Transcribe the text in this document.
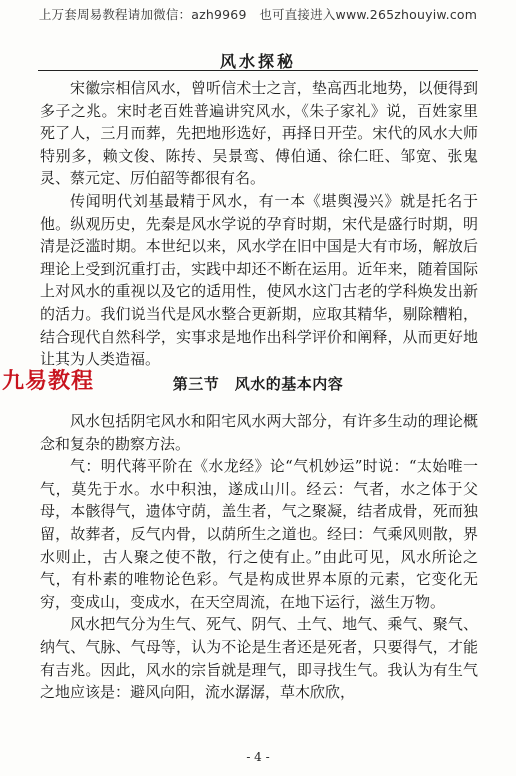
上万套周易教程请加微信：azh9969　也可直接进入www.265zhouyiw.com
风水探秘

宋徽宗相信风水，曾听信术士之言，垫高西北地势，以便得到多子之兆。宋时老百姓普遍讲究风水，《朱子家礼》说，百姓家里死了人，三月而葬，先把地形选好，再择日开茔。宋代的风水大师特别多，赖文俊、陈抟、吴景鸾、傅伯通、徐仁旺、邹宽、张鬼灵、蔡元定、厉伯韶等都很有名。

传闻明代刘基最精于风水，有一本《堪舆漫兴》就是托名于他。纵观历史，先秦是风水学说的孕育时期，宋代是盛行时期，明清是泛滥时期。本世纪以来，风水学在旧中国是大有市场，解放后理论上受到沉重打击，实践中却还不断在运用。近年来，随着国际上对风水的重视以及它的适用性，使风水这门古老的学科焕发出新的活力。我们说当代是风水整合更新期，应取其精华，剔除糟粕，结合现代自然科学，实事求是地作出科学评价和阐释，从而更好地让其为人类造福。

九易教程	第三节　风水的基本内容

风水包括阴宅风水和阳宅风水两大部分，有许多生动的理论概念和复杂的勘察方法。

气：明代蒋平阶在《水龙经》论“气机妙运”时说：“太始唯一气，莫先于水。水中积浊，遂成山川。经云：气者，水之体于父母，本骸得气，遗体守荫，盖生者，气之聚凝，结者成骨，死而独留，故葬者，反气内骨，以荫所生之道也。经曰：气乘风则散，界水则止，古人聚之使不散，行之使有止。”由此可见，风水所论之气，有朴素的唯物论色彩。气是构成世界本原的元素，它变化无穷，变成山，变成水，在天空周流，在地下运行，滋生万物。

风水把气分为生气、死气、阴气、土气、地气、乘气、聚气、纳气、气脉、气母等，认为不论是生者还是死者，只要得气，才能有吉兆。因此，风水的宗旨就是理气，即寻找生气。我认为有生气之地应该是：避风向阳，流水潺潺，草木欣欣，

- 4 -
